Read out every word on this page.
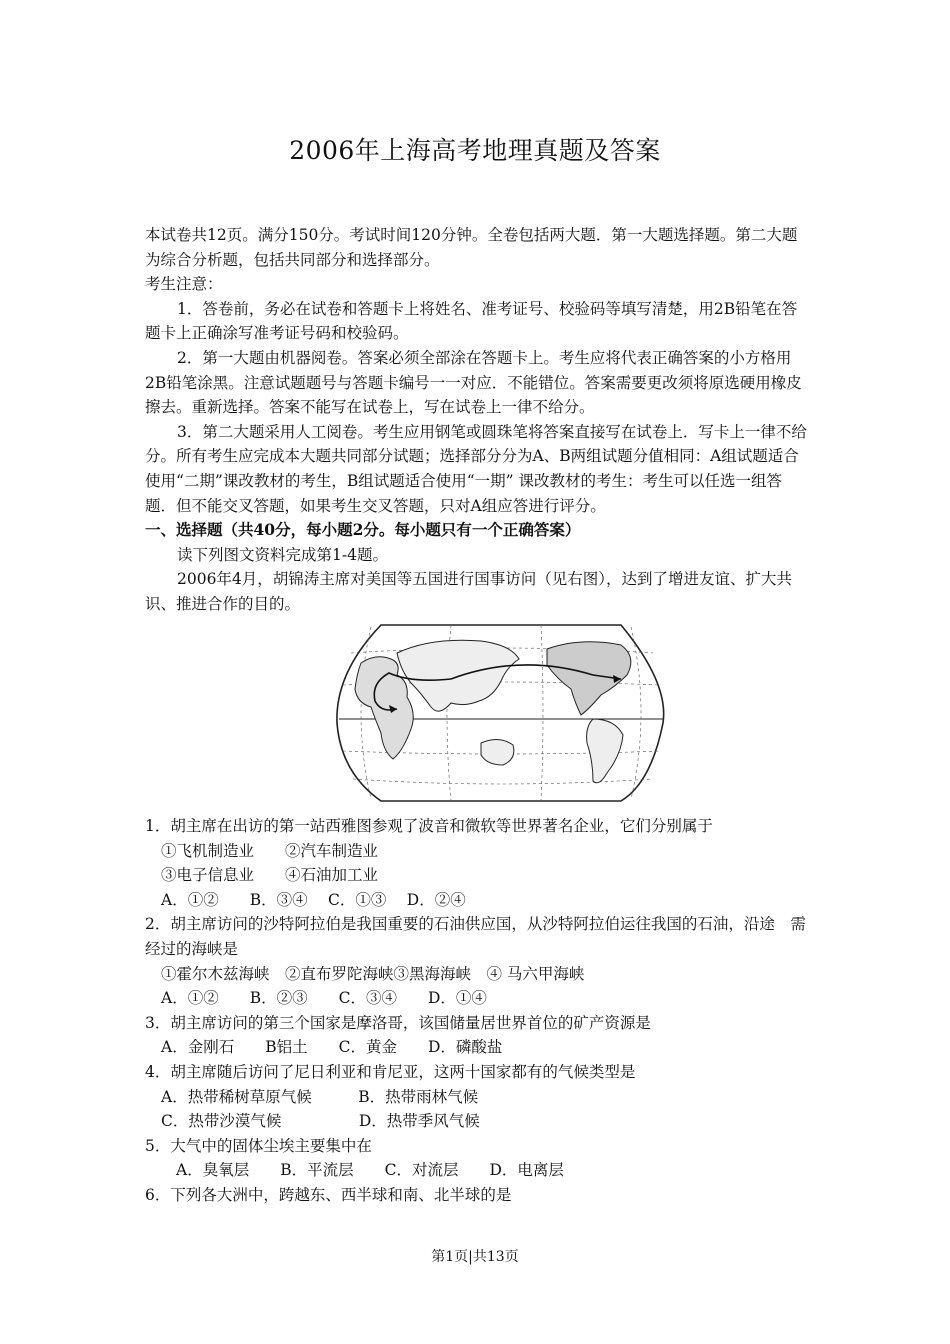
2006年上海高考地理真题及答案

本试卷共12页。满分150分。考试时间120分钟。全卷包括两大题．第一大题选择题。第二大题为综合分析题，包括共同部分和选择部分。

考生注意：

1．答卷前，务必在试卷和答题卡上将姓名、准考证号、校验码等填写清楚，用2B铅笔在答题卡上正确涂写准考证号码和校验码。

2．第一大题由机器阅卷。答案必须全部涂在答题卡上。考生应将代表正确答案的小方格用2B铅笔涂黑。注意试题题号与答题卡编号一一对应．不能错位。答案需要更改须将原选硬用橡皮擦去。重新选择。答案不能写在试卷上，写在试卷上一律不给分。

3．第二大题采用人工阅卷。考生应用钢笔或圆珠笔将答案直接写在试卷上．写卡上一律不给分。所有考生应完成本大题共同部分试题；选择部分分为A、B两组试题分值相同：A组试题适合使用“二期”课改教材的考生，B组试题适合使用“一期” 课改教材的考生：考生可以任选一组答题．但不能交叉答题，如果考生交叉答题，只对A组应答进行评分。

一、选择题（共40分，每小题2分。每小题只有一个正确答案）

读下列图文资料完成第1-4题。

2006年4月，胡锦涛主席对美国等五国进行国事访问（见右图），达到了增进友谊、扩大共识、推进合作的目的。

1．胡主席在出访的第一站西雅图参观了波音和微软等世界著名企业，它们分别属于

①飞机制造业　　②汽车制造业

③电子信息业　　④石油加工业

A．①②　　B．③④　 C．①③　 D．②④

2．胡主席访问的沙特阿拉伯是我国重要的石油供应国，从沙特阿拉伯运往我国的石油，沿途　需经过的海峡是

①霍尔木兹海峡　②直布罗陀海峡③黑海海峡　④ 马六甲海峡

A．①②　　B．②③　　C．③④　　D．①④

3．胡主席访问的第三个国家是摩洛哥，该国储量居世界首位的矿产资源是

A．金刚石　　B铝土　　C．黄金　　D．磷酸盐

4．胡主席随后访问了尼日利亚和肯尼亚，这两十国家都有的气候类型是

A．热带稀树草原气候　　　B．热带雨林气候

C．热带沙漠气候　　　　　D．热带季风气候

5．大气中的固体尘埃主要集中在

A．臭氧层　　B．平流层　　C．对流层　　D．电离层

6．下列各大洲中，跨越东、西半球和南、北半球的是

第1页|共13页
